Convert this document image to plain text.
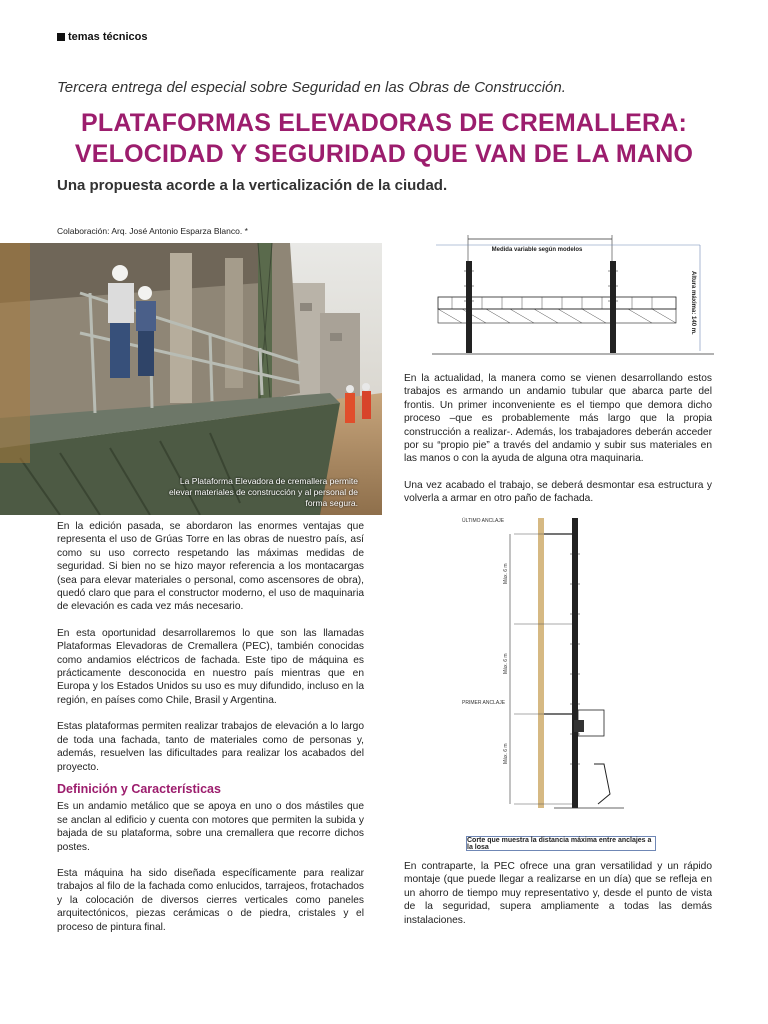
temas técnicos
Tercera entrega del especial sobre Seguridad en las Obras de Construcción.
PLATAFORMAS ELEVADORAS DE CREMALLERA:
VELOCIDAD Y SEGURIDAD QUE VAN DE LA MANO
Una propuesta acorde a la verticalización de la ciudad.
Colaboración: Arq. José Antonio Esparza Blanco. *
La Plataforma Elevadora de cremallera permite elevar materiales de construcción y al personal de forma segura.

En la edición pasada, se abordaron las enormes ventajas que representa el uso de Grúas Torre en las obras de nuestro país, así como su uso correcto respetando las máximas medidas de seguridad. Si bien no se hizo mayor referencia a los montacargas (sea para elevar materiales o personal, como ascensores de obra), quedó claro que para el constructor moderno, el uso de maquinaria de elevación es cada vez más necesario.

En esta oportunidad desarrollaremos lo que son las llamadas Plataformas Elevadoras de Cremallera (PEC), también conocidas como andamios eléctricos de fachada. Este tipo de máquina es prácticamente desconocida en nuestro país mientras que en Europa y los Estados Unidos su uso es muy difundido, incluso en la región, en países como Chile, Brasil y Argentina.

Estas plataformas permiten realizar trabajos de elevación a lo largo de toda una fachada, tanto de materiales como de personas y, además, resuelven las dificultades para realizar los acabados del proyecto.

Definición y Características

Es un andamio metálico que se apoya en uno o dos mástiles que se anclan al edificio y cuenta con motores que permiten la subida y bajada de su plataforma, sobre una cremallera que recorre dichos postes.

Esta máquina ha sido diseñada específicamente para realizar trabajos al filo de la fachada como enlucidos, tarrajeos, frotachados y la colocación de diversos cierres verticales como paneles arquitectónicos, piezas cerámicas o de piedra, cristales y el proceso de pintura final.

Medida variable según modelos
Altura máxima: 140 m.

En la actualidad, la manera como se vienen desarrollando estos trabajos es armando un andamio tubular que abarca parte del frontis. Un primer inconveniente es el tiempo que demora dicho proceso –que es probablemente más largo que la propia construcción a realizar-. Además, los trabajadores deberán acceder por su “propio pie” a través del andamio y subir sus materiales en las manos o con la ayuda de alguna otra maquinaria.

Una vez acabado el trabajo, se deberá desmontar esa estructura y volverla a armar en otro paño de fachada.

Máx. 6 m
Máx. 6 m
Máx. 6 m
ÚLTIMO ANCLAJE
PRIMER ANCLAJE
Corte que muestra la distancia máxima entre anclajes a la losa

En contraparte, la PEC ofrece una gran versatilidad y un rápido montaje (que puede llegar a realizarse en un día) que se refleja en un ahorro de tiempo muy representativo y, desde el punto de vista de la seguridad, supera ampliamente a todas las demás instalaciones.
